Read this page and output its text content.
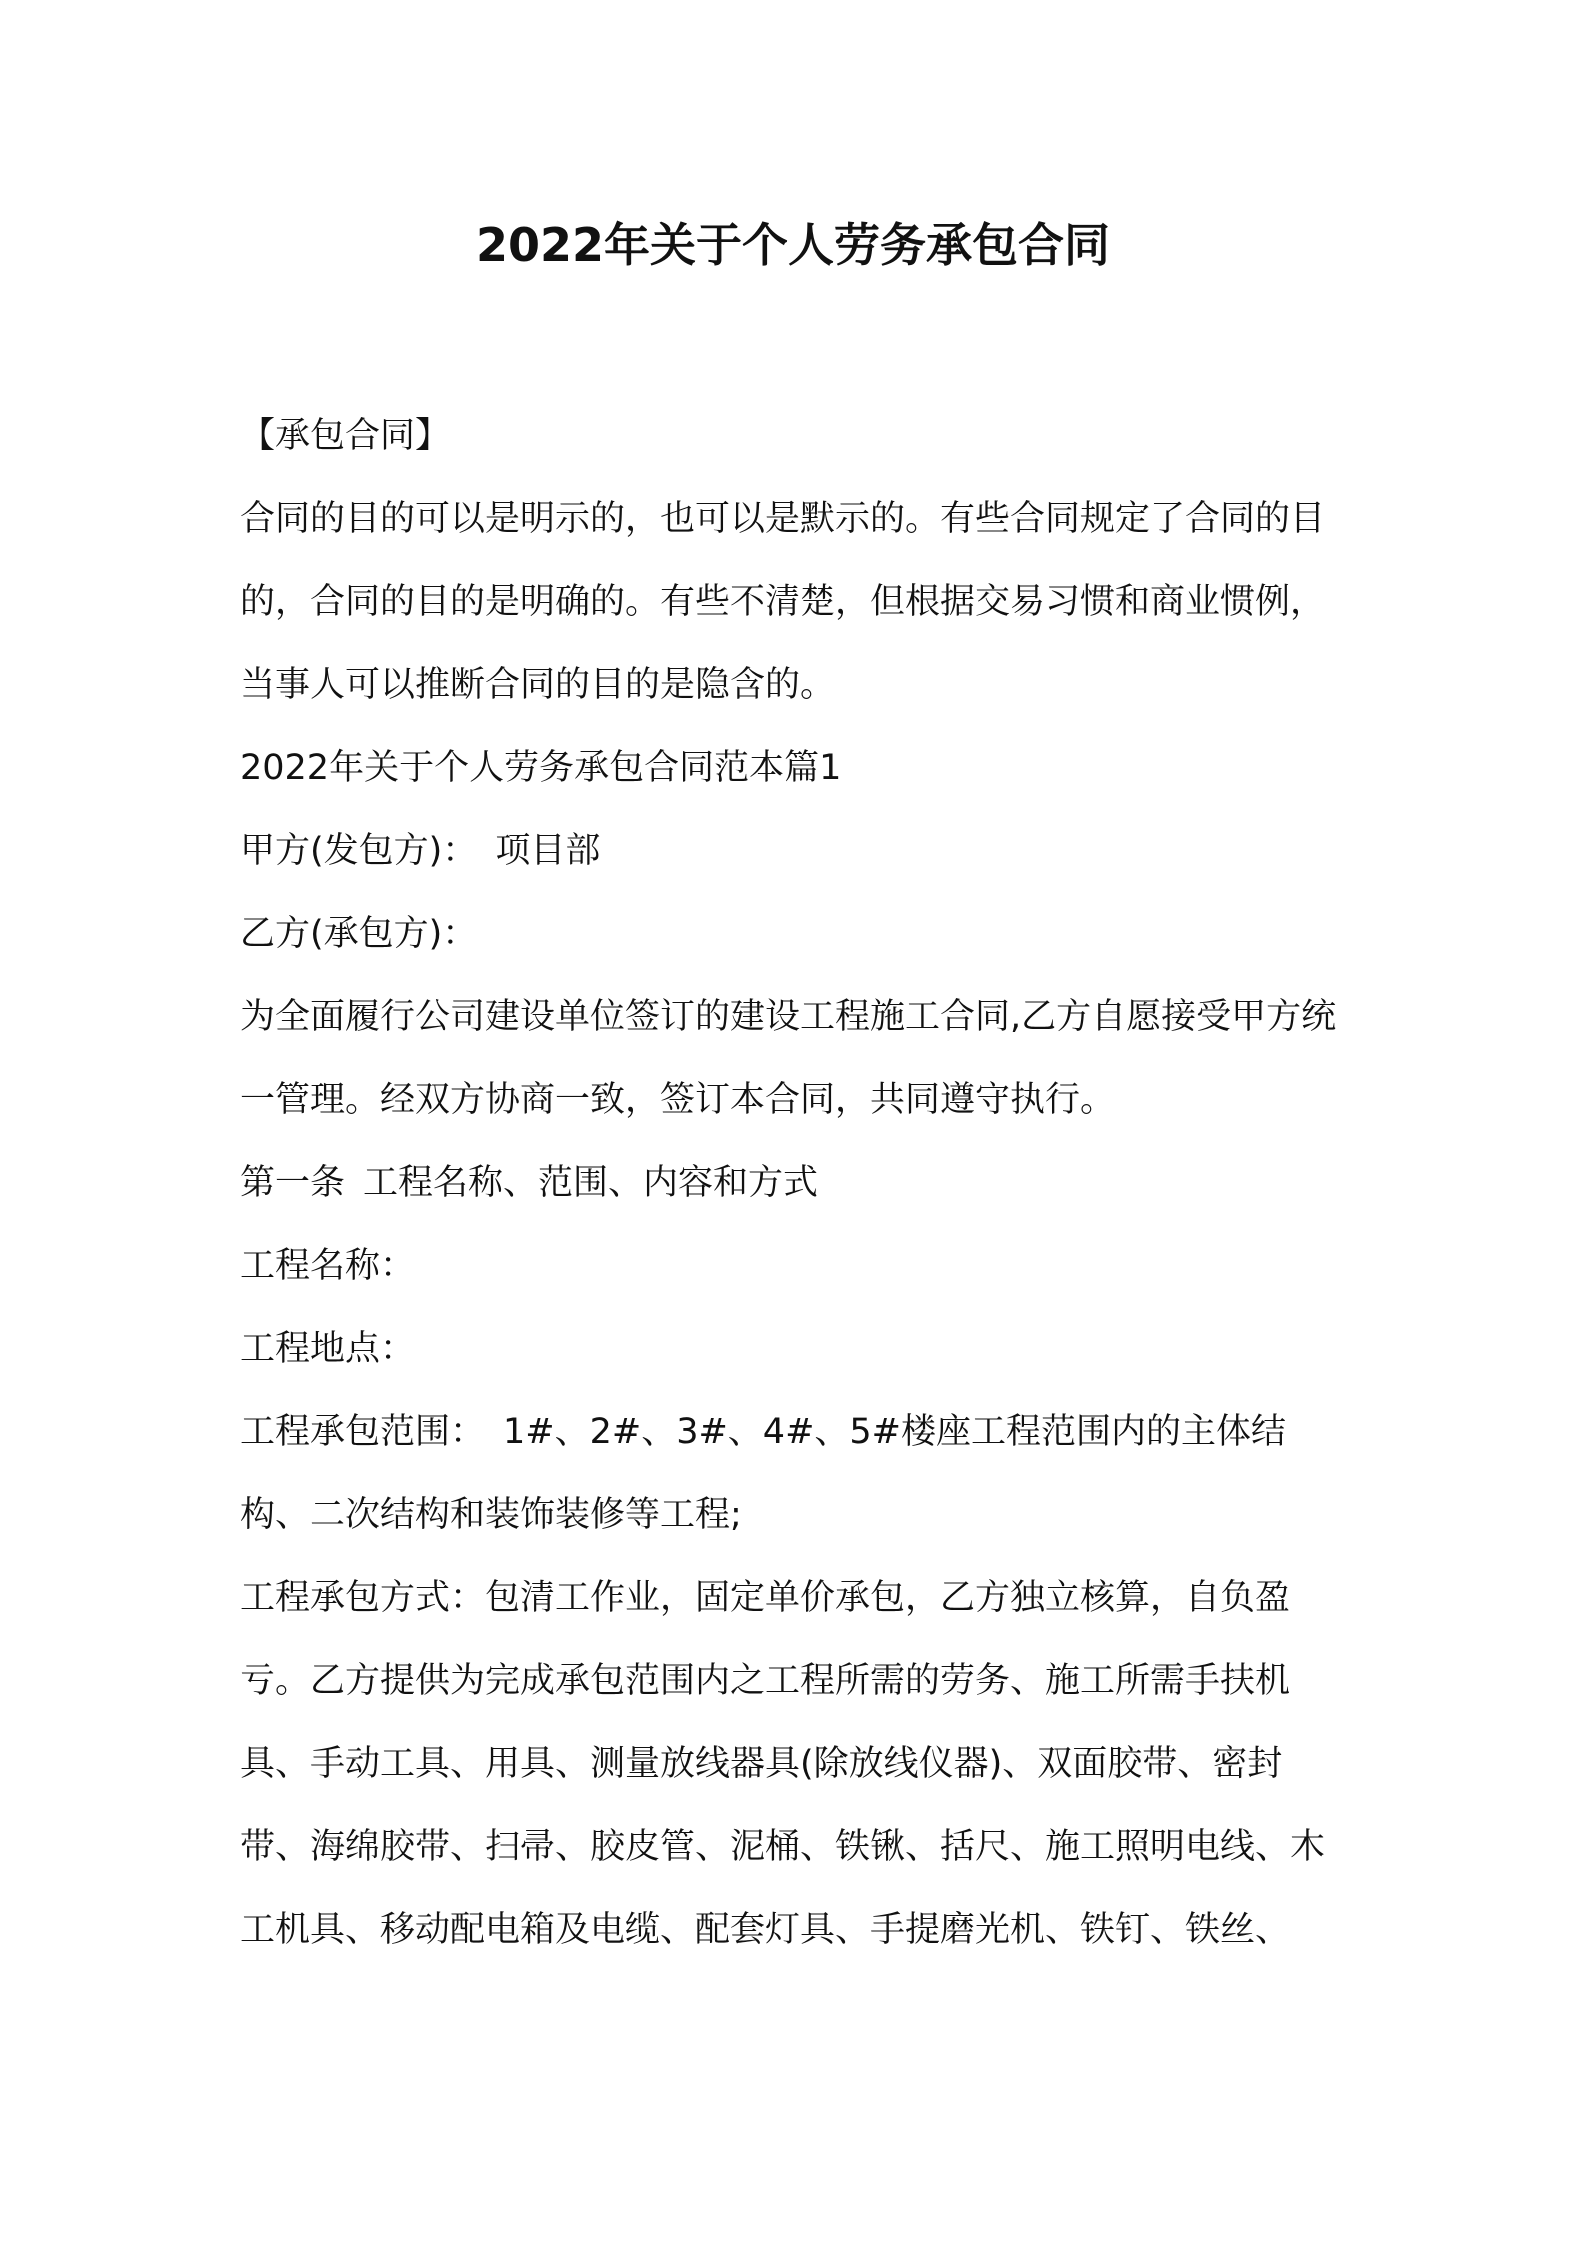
2022年关于个人劳务承包合同

【承包合同】

合同的目的可以是明示的，也可以是默示的。有些合同规定了合同的目的，合同的目的是明确的。有些不清楚，但根据交易习惯和商业惯例，当事人可以推断合同的目的是隐含的。

2022年关于个人劳务承包合同范本篇1

甲方(发包方)： 项目部

乙方(承包方)：

为全面履行公司建设单位签订的建设工程施工合同,乙方自愿接受甲方统一管理。经双方协商一致，签订本合同，共同遵守执行。

第一条 工程名称、范围、内容和方式

工程名称：

工程地点：

工程承包范围： 1#、2#、3#、4#、5#楼座工程范围内的主体结构、二次结构和装饰装修等工程;

工程承包方式：包清工作业，固定单价承包，乙方独立核算，自负盈亏。乙方提供为完成承包范围内之工程所需的劳务、施工所需手扶机具、手动工具、用具、测量放线器具(除放线仪器)、双面胶带、密封带、海绵胶带、扫帚、胶皮管、泥桶、铁锹、括尺、施工照明电线、木工机具、移动配电箱及电缆、配套灯具、手提磨光机、铁钉、铁丝、
